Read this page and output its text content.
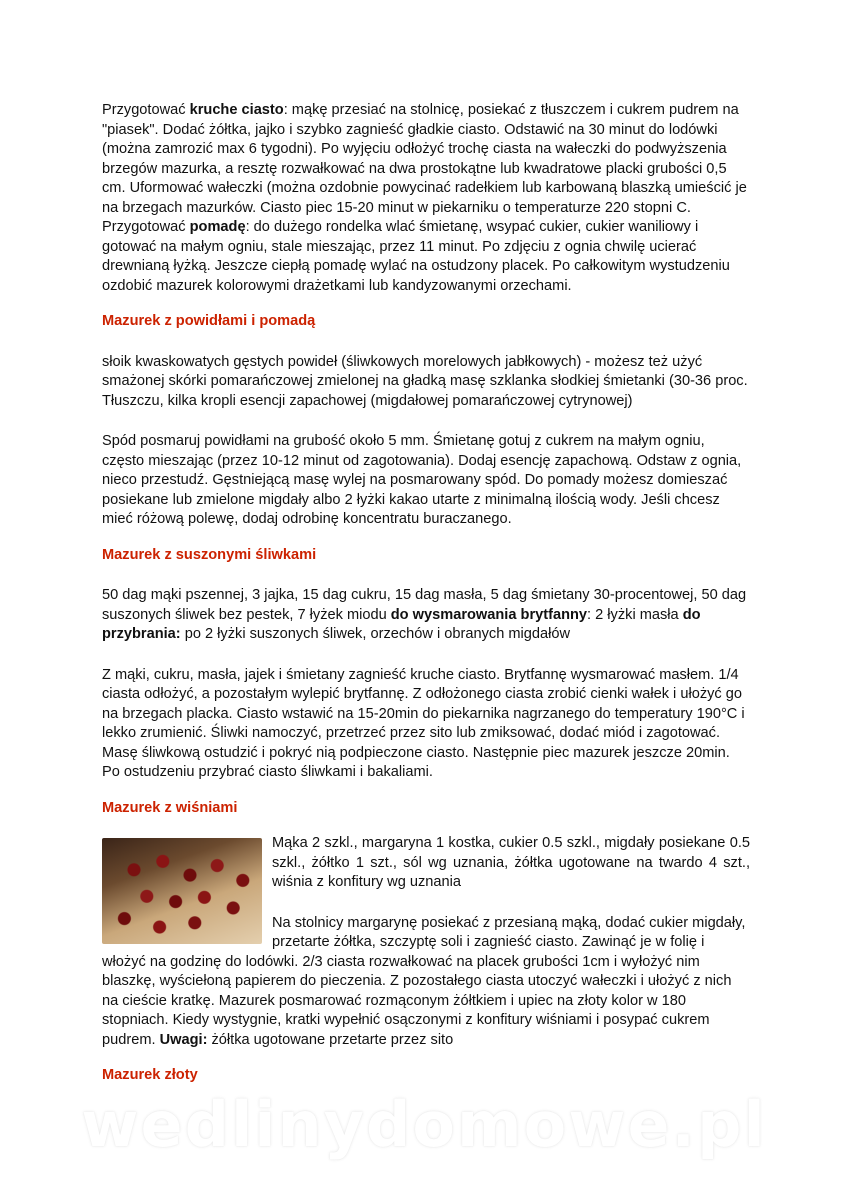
Przygotować kruche ciasto: mąkę przesiać na stolnicę, posiekać z tłuszczem i cukrem pudrem na "piasek". Dodać żółtka, jajko i szybko zagnieść gładkie ciasto. Odstawić na 30 minut do lodówki (można zamrozić max 6 tygodni). Po wyjęciu odłożyć trochę ciasta na wałeczki do podwyższenia brzegów mazurka, a resztę rozwałkować na dwa prostokątne lub kwadratowe placki grubości 0,5 cm. Uformować wałeczki (można ozdobnie powycinać radełkiem lub karbowaną blaszką umieścić je na brzegach mazurków. Ciasto piec 15-20 minut w piekarniku o temperaturze 220 stopni C. Przygotować pomadę: do dużego rondelka wlać śmietanę, wsypać cukier, cukier waniliowy i gotować na małym ogniu, stale mieszając, przez 11 minut. Po zdjęciu z ognia chwilę ucierać drewnianą łyżką. Jeszcze ciepłą pomadę wylać na ostudzony placek. Po całkowitym wystudzeniu ozdobić mazurek kolorowymi drażetkami lub kandyzowanymi orzechami.

Mazurek z powidłami i pomadą

słoik kwaskowatych gęstych powideł (śliwkowych morelowych jabłkowych) - możesz też użyć smażonej skórki pomarańczowej zmielonej na gładką masę szklanka słodkiej śmietanki (30-36 proc. Tłuszczu, kilka kropli esencji zapachowej (migdałowej pomarańczowej cytrynowej)

Spód posmaruj powidłami na grubość około 5 mm. Śmietanę gotuj z cukrem na małym ogniu, często mieszając (przez 10-12 minut od zagotowania). Dodaj esencję zapachową. Odstaw z ognia, nieco przestudź. Gęstniejącą masę wylej na posmarowany spód. Do pomady możesz domieszać posiekane lub zmielone migdały albo 2 łyżki kakao utarte z minimalną ilością wody. Jeśli chcesz mieć różową polewę, dodaj odrobinę koncentratu buraczanego.

Mazurek z suszonymi śliwkami

50 dag mąki pszennej, 3 jajka, 15 dag cukru, 15 dag masła, 5 dag śmietany 30-procentowej, 50 dag suszonych śliwek bez pestek, 7 łyżek miodu do wysmarowania brytfanny: 2 łyżki masła do przybrania: po 2 łyżki suszonych śliwek, orzechów i obranych migdałów

Z mąki, cukru, masła, jajek i śmietany zagnieść kruche ciasto. Brytfannę wysmarować masłem. 1/4 ciasta odłożyć, a pozostałym wylepić brytfannę. Z odłożonego ciasta zrobić cienki wałek i ułożyć go na brzegach placka. Ciasto wstawić na 15-20min do piekarnika nagrzanego do temperatury 190°C i lekko zrumienić. Śliwki namoczyć, przetrzeć przez sito lub zmiksować, dodać miód i zagotować. Masę śliwkową ostudzić i pokryć nią podpieczone ciasto. Następnie piec mazurek jeszcze 20min. Po ostudzeniu przybrać ciasto śliwkami i bakaliami.

Mazurek z wiśniami

Mąka 2 szkl., margaryna 1 kostka, cukier 0.5 szkl., migdały posiekane 0.5 szkl., żółtko 1 szt., sól wg uznania, żółtka ugotowane na twardo 4 szt., wiśnia z konfitury wg uznania

Na stolnicy margarynę posiekać z przesianą mąką, dodać cukier migdały, przetarte żółtka, szczyptę soli i zagnieść ciasto. Zawinąć je w folię i włożyć na godzinę do lodówki. 2/3 ciasta rozwałkować na placek grubości 1cm i wyłożyć nim blaszkę, wyściełoną papierem do pieczenia. Z pozostałego ciasta utoczyć wałeczki i ułożyć z nich na cieście kratkę. Mazurek posmarować rozmąconym żółtkiem i upiec na złoty kolor w 180 stopniach. Kiedy wystygnie, kratki wypełnić osączonymi z konfitury wiśniami i posypać cukrem pudrem. Uwagi: żółtka ugotowane przetarte przez sito

Mazurek złoty
wedlinydomowe.pl
